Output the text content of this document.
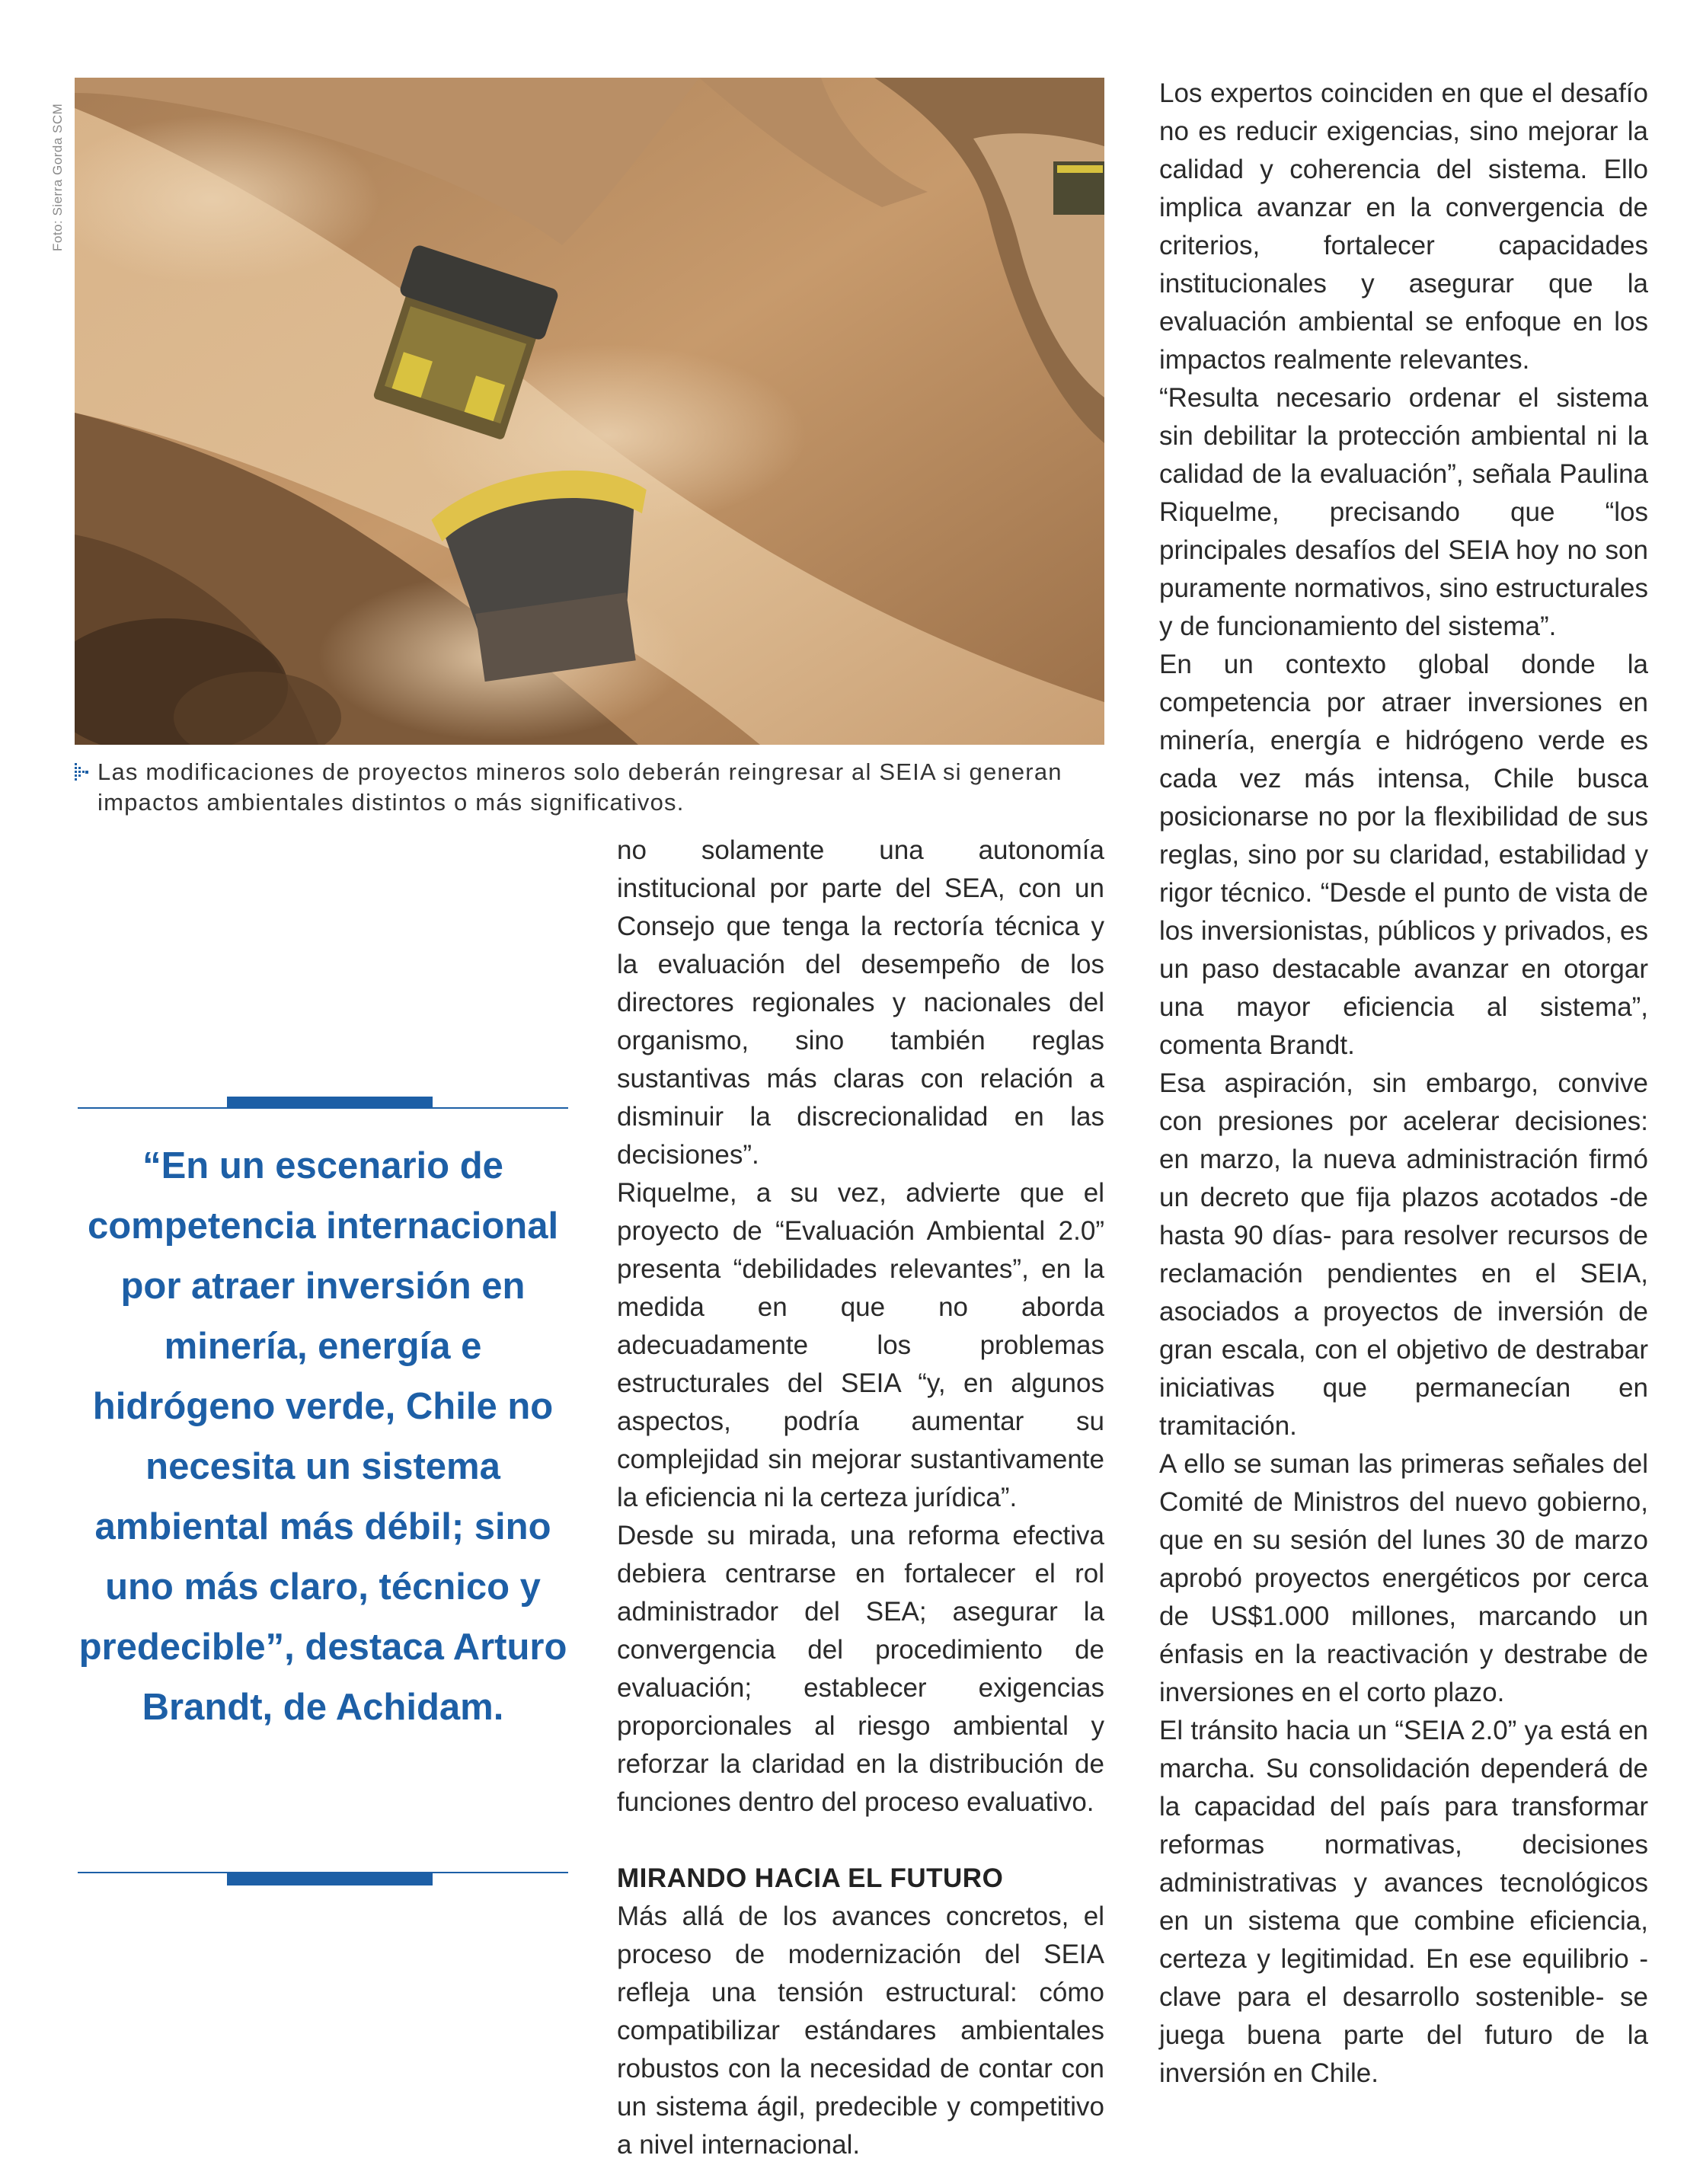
Foto: Sierra Gorda SCM
Las modificaciones de proyectos mineros solo deberán reingresar al SEIA si generan impactos ambientales distintos o más significativos.
“En un escenario de competencia internacional por atraer inversión en minería, energía e hidrógeno verde, Chile no necesita un sistema ambiental más débil; sino uno más claro, técnico y predecible”, destaca Arturo Brandt, de Achidam.

no solamente una autonomía institucional por parte del SEA, con un Consejo que tenga la rectoría técnica y la evaluación del desempeño de los directores regionales y nacionales del organismo, sino también reglas sustantivas más claras con relación a disminuir la discrecionalidad en las decisiones”.

Riquelme, a su vez, advierte que el proyecto de “Evaluación Ambiental 2.0” presenta “debilidades relevantes”, en la medida en que no aborda adecuadamente los problemas estructurales del SEIA “y, en algunos aspectos, podría aumentar su complejidad sin mejorar sustantivamente la eficiencia ni la certeza jurídica”.

Desde su mirada, una reforma efectiva debiera centrarse en fortalecer el rol administrador del SEA; asegurar la convergencia del procedimiento de evaluación; establecer exigencias proporcionales al riesgo ambiental y reforzar la claridad en la distribución de funciones dentro del proceso evaluativo.

MIRANDO HACIA EL FUTURO

Más allá de los avances concretos, el proceso de modernización del SEIA refleja una tensión estructural: cómo compatibilizar estándares ambientales robustos con la necesidad de contar con un sistema ágil, predecible y competitivo a nivel internacional.

Los expertos coinciden en que el desafío no es reducir exigencias, sino mejorar la calidad y coherencia del sistema. Ello implica avanzar en la convergencia de criterios, fortalecer capacidades institucionales y asegurar que la evaluación ambiental se enfoque en los impactos realmente relevantes.

“Resulta necesario ordenar el sistema sin debilitar la protección ambiental ni la calidad de la evaluación”, señala Paulina Riquelme, precisando que “los principales desafíos del SEIA hoy no son puramente normativos, sino estructurales y de funcionamiento del sistema”.

En un contexto global donde la competencia por atraer inversiones en minería, energía e hidrógeno verde es cada vez más intensa, Chile busca posicionarse no por la flexibilidad de sus reglas, sino por su claridad, estabilidad y rigor técnico. “Desde el punto de vista de los inversionistas, públicos y privados, es un paso destacable avanzar en otorgar una mayor eficiencia al sistema”, comenta Brandt.

Esa aspiración, sin embargo, convive con presiones por acelerar decisiones: en marzo, la nueva administración firmó un decreto que fija plazos acotados -de hasta 90 días- para resolver recursos de reclamación pendientes en el SEIA, asociados a proyectos de inversión de gran escala, con el objetivo de destrabar iniciativas que permanecían en tramitación.

A ello se suman las primeras señales del Comité de Ministros del nuevo gobierno, que en su sesión del lunes 30 de marzo aprobó proyectos energéticos por cerca de US$1.000 millones, marcando un énfasis en la reactivación y destrabe de inversiones en el corto plazo.

El tránsito hacia un “SEIA 2.0” ya está en marcha. Su consolidación dependerá de la capacidad del país para transformar reformas normativas, decisiones administrativas y avances tecnológicos en un sistema que combine eficiencia, certeza y legitimidad. En ese equilibrio -clave para el desarrollo sostenible- se juega buena parte del futuro de la inversión en Chile.
